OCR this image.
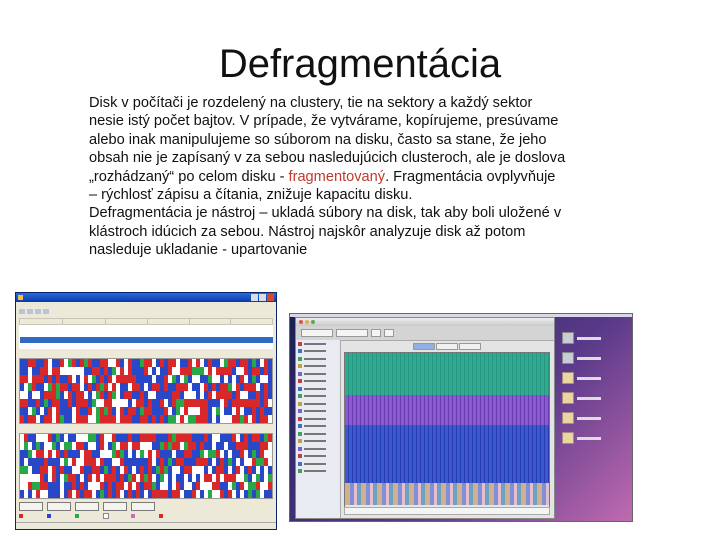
Defragmentácia

Disk v počítači je rozdelený na clustery, tie na sektory a každý sektor

nesie istý počet bajtov. V prípade, že vytvárame, kopírujeme, presúvame

alebo inak manipulujeme so súborom na disku, často sa stane, že jeho

obsah nie je zapísaný v za sebou nasledujúcich clusteroch, ale je doslova

„rozhádzaný“ po celom disku - fragmentovaný. Fragmentácia ovplyvňuje

– rýchlosť zápisu a čítania, znižuje kapacitu disku.

Defragmentácia je nástroj – ukladá súbory na disk, tak aby boli uložené v

klástroch idúcich za sebou. Nástroj najskôr analyzuje disk až potom

nasleduje ukladanie - upartovanie
